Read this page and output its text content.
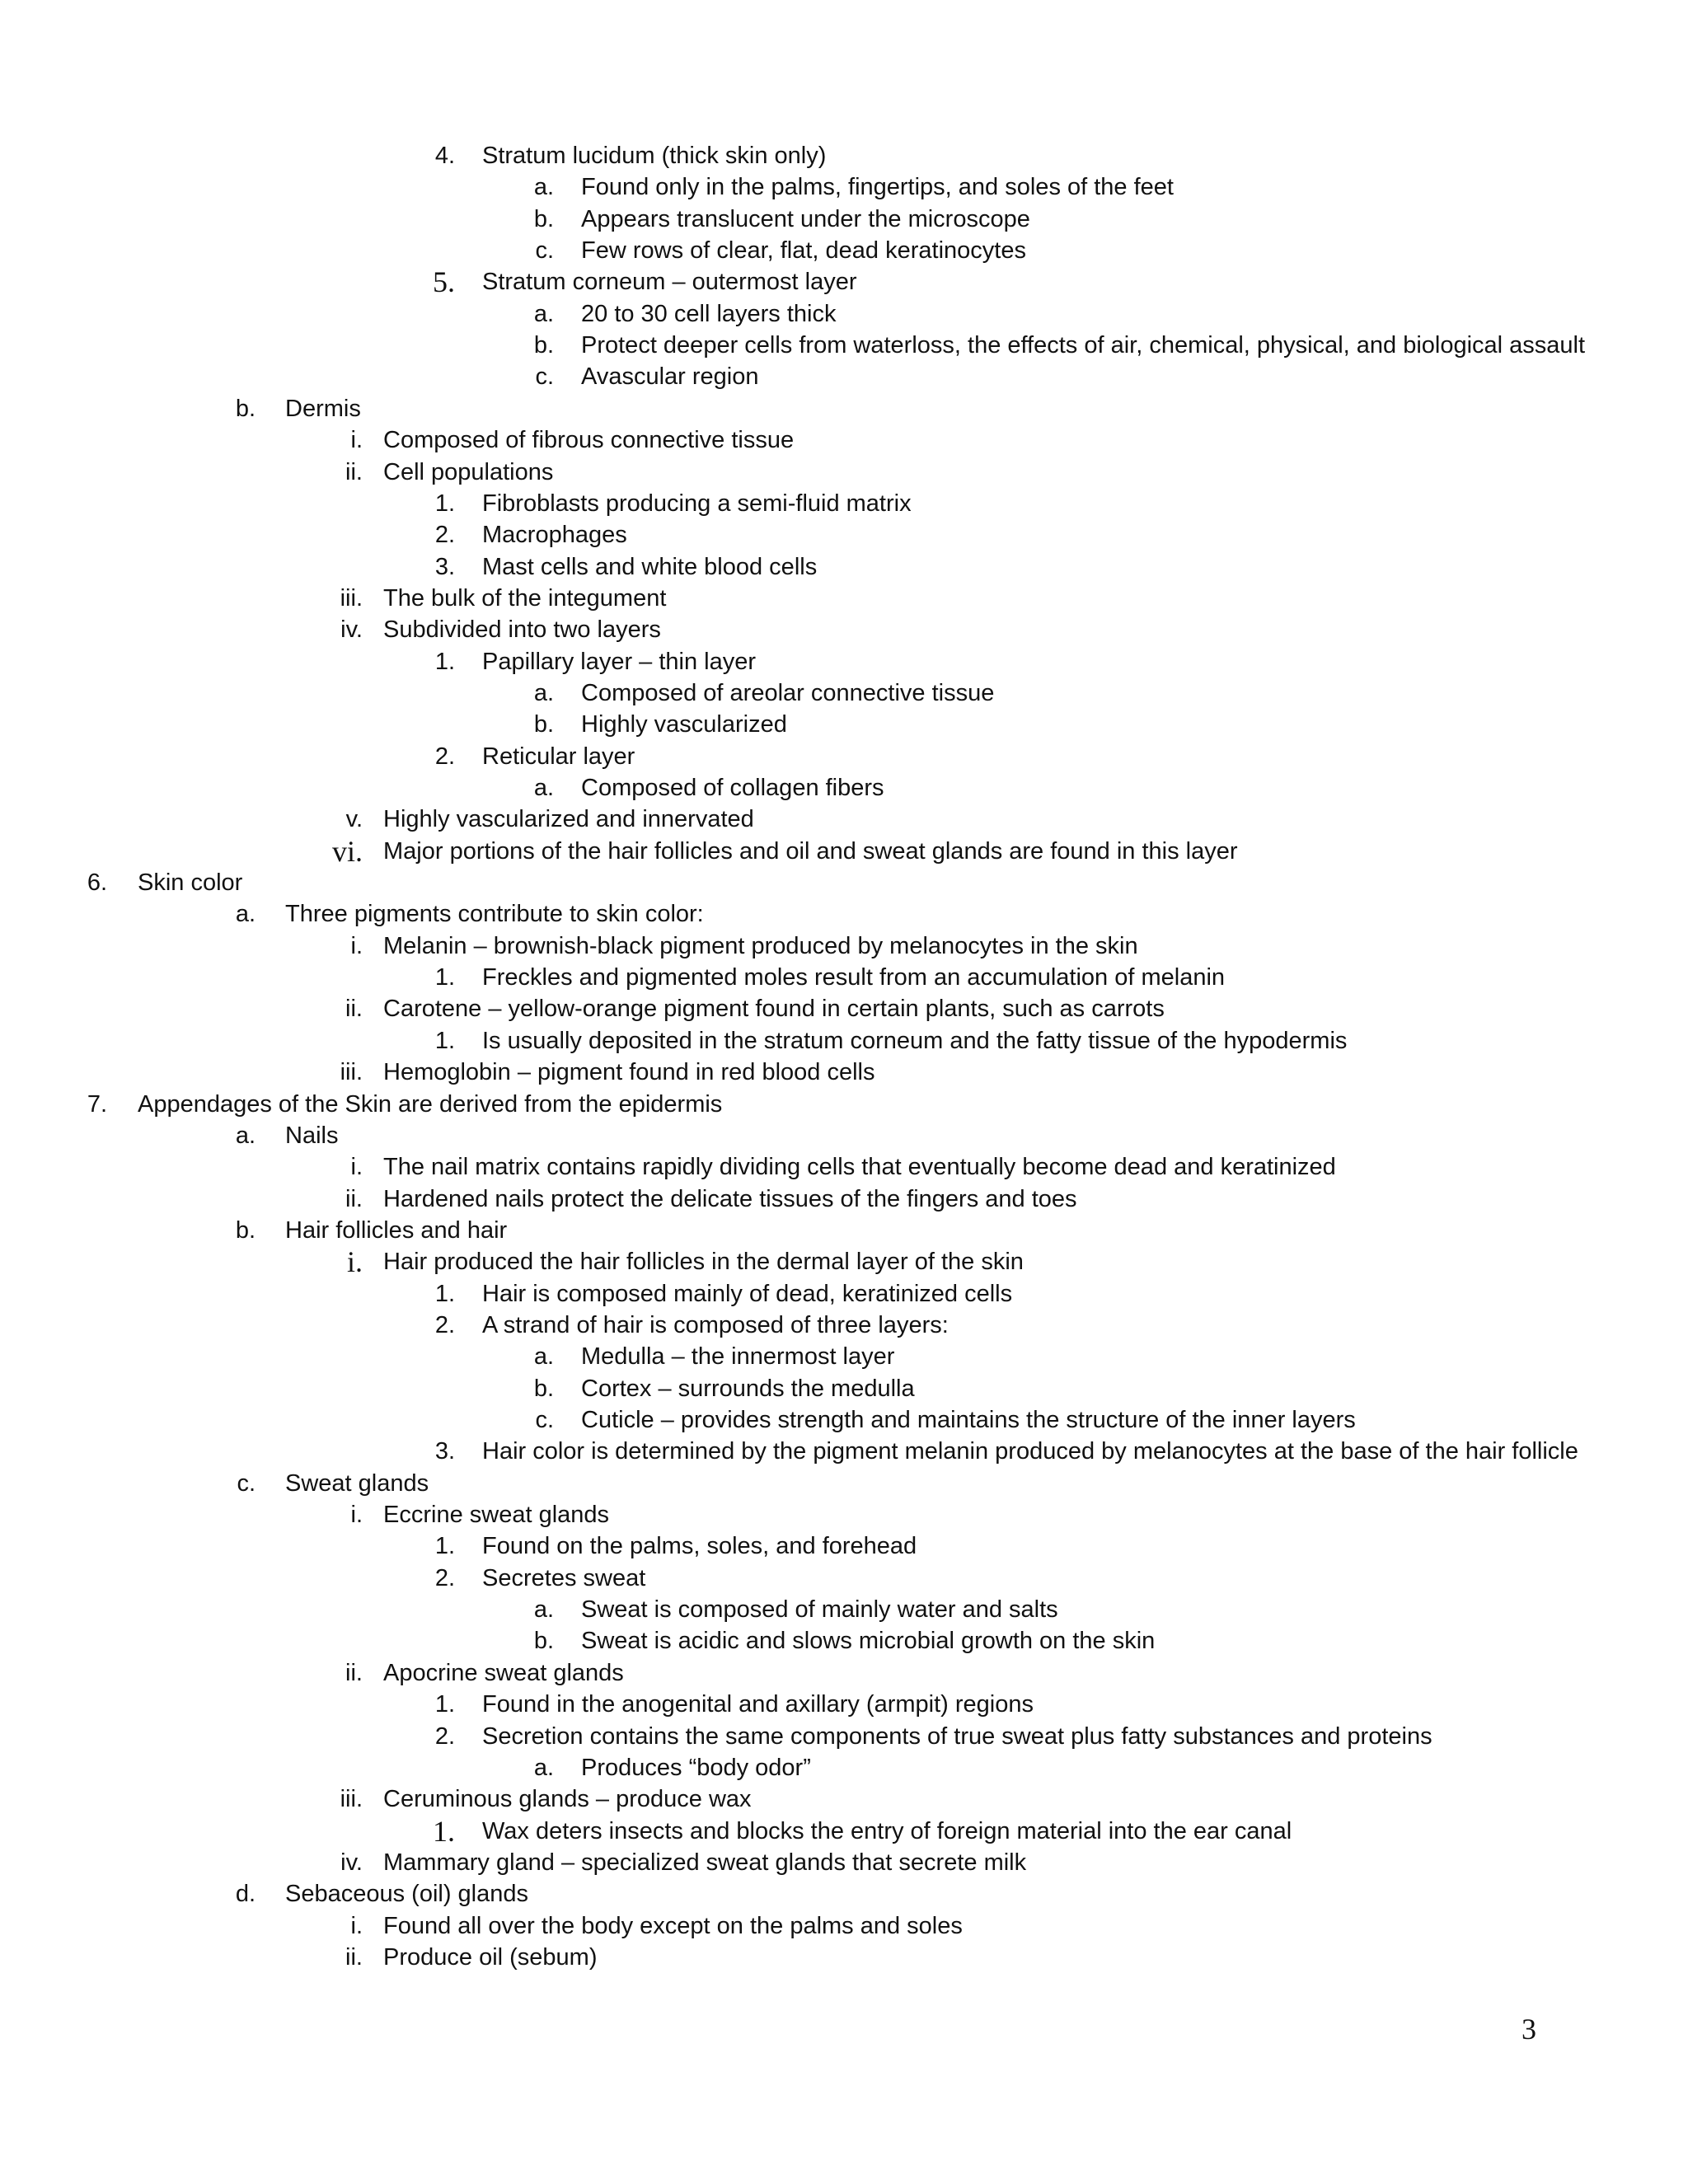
4. Stratum lucidum (thick skin only)
a. Found only in the palms, fingertips, and soles of the feet
b. Appears translucent under the microscope
c. Few rows of clear, flat, dead keratinocytes
5. Stratum corneum – outermost layer
a. 20 to 30 cell layers thick
b. Protect deeper cells from waterloss, the effects of air, chemical, physical, and biological assault
c. Avascular region
b. Dermis
i. Composed of fibrous connective tissue
ii. Cell populations
1. Fibroblasts producing a semi-fluid matrix
2. Macrophages
3. Mast cells and white blood cells
iii. The bulk of the integument
iv. Subdivided into two layers
1. Papillary layer – thin layer
a. Composed of areolar connective tissue
b. Highly vascularized
2. Reticular layer
a. Composed of collagen fibers
v. Highly vascularized and innervated
vi. Major portions of the hair follicles and oil and sweat glands are found in this layer
6. Skin color
a. Three pigments contribute to skin color:
i. Melanin – brownish-black pigment produced by melanocytes in the skin
1. Freckles and pigmented moles result from an accumulation of melanin
ii. Carotene – yellow-orange pigment found in certain plants, such as carrots
1. Is usually deposited in the stratum corneum and the fatty tissue of the hypodermis
iii. Hemoglobin – pigment found in red blood cells
7. Appendages of the Skin are derived from the epidermis
a. Nails
i. The nail matrix contains rapidly dividing cells that eventually become dead and keratinized
ii. Hardened nails protect the delicate tissues of the fingers and toes
b. Hair follicles and hair
i. Hair produced the hair follicles in the dermal layer of the skin
1. Hair is composed mainly of dead, keratinized cells
2. A strand of hair is composed of three layers:
a. Medulla – the innermost layer
b. Cortex – surrounds the medulla
c. Cuticle – provides strength and maintains the structure of the inner layers
3. Hair color is determined by the pigment melanin produced by melanocytes at the base of the hair follicle
c. Sweat glands
i. Eccrine sweat glands
1. Found on the palms, soles, and forehead
2. Secretes sweat
a. Sweat is composed of mainly water and salts
b. Sweat is acidic and slows microbial growth on the skin
ii. Apocrine sweat glands
1. Found in the anogenital and axillary (armpit) regions
2. Secretion contains the same components of true sweat plus fatty substances and proteins
a. Produces “body odor”
iii. Ceruminous glands – produce wax
1. Wax deters insects and blocks the entry of foreign material into the ear canal
iv. Mammary gland – specialized sweat glands that secrete milk
d. Sebaceous (oil) glands
i. Found all over the body except on the palms and soles
ii. Produce oil (sebum)
3
